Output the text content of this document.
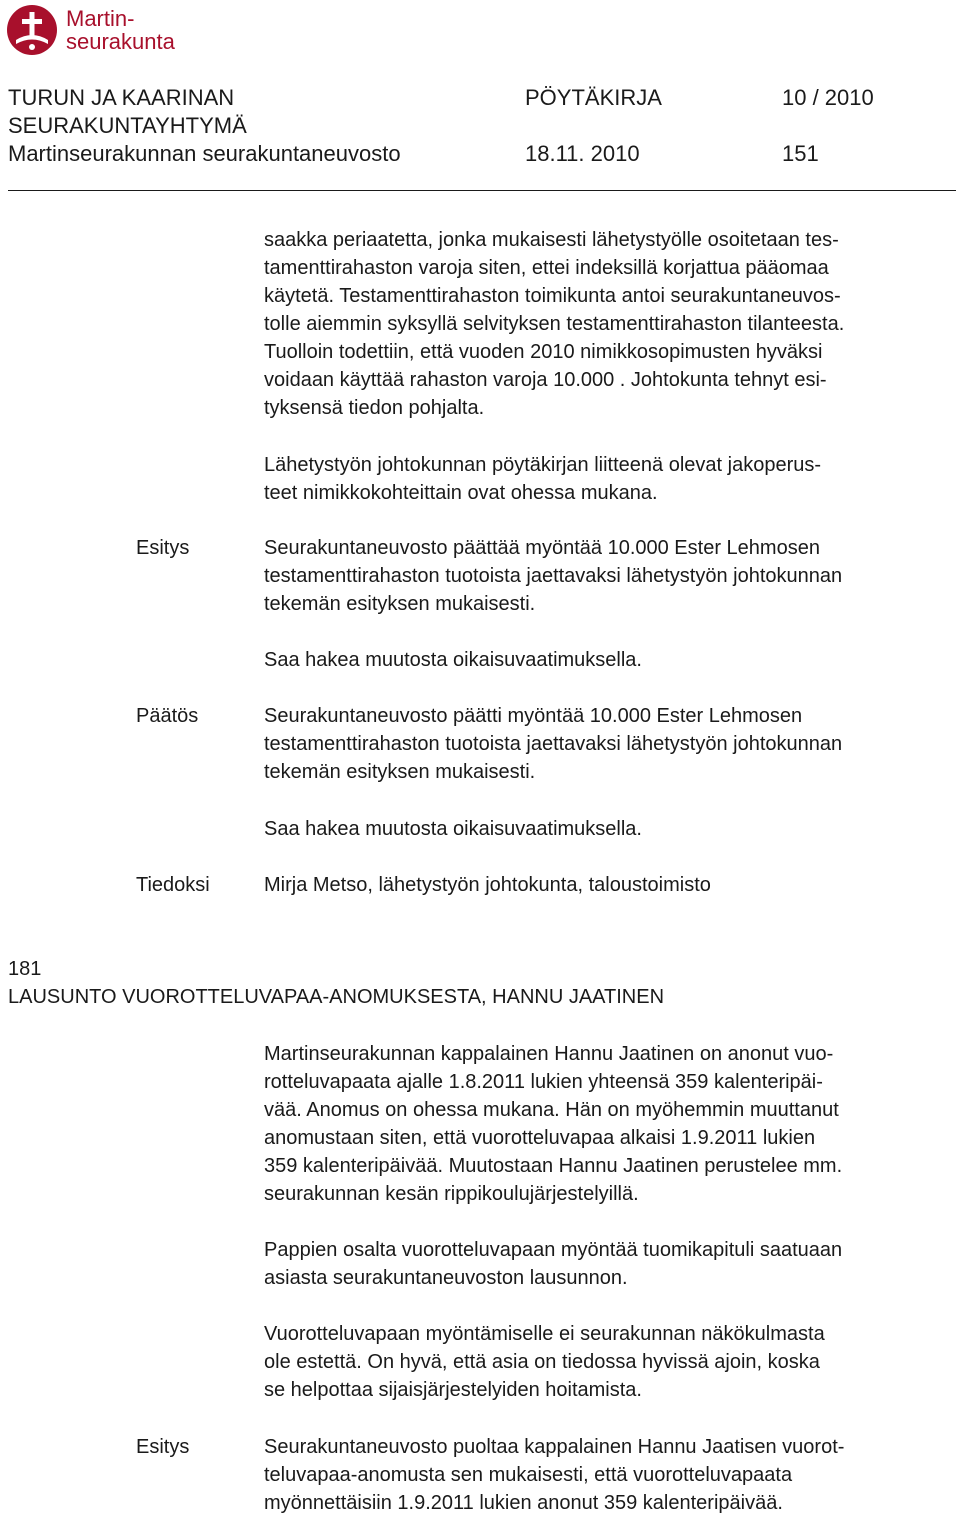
Martin-
seurakunta
TURUN JA KAARINAN
SEURAKUNTAYHTYMÄ
Martinseurakunnan seurakuntaneuvosto
PÖYTÄKIRJA	10 / 2010
18.11. 2010	151

saakka periaatetta, jonka mukaisesti lähetystyölle osoitetaan tes-
tamenttirahaston varoja siten, ettei indeksillä korjattua pääomaa
käytetä. Testamenttirahaston toimikunta antoi seurakuntaneuvos-
tolle aiemmin syksyllä selvityksen testamenttirahaston tilanteesta.
Tuolloin todettiin, että vuoden 2010 nimikkosopimusten hyväksi
voidaan käyttää rahaston varoja 10.000 . Johtokunta tehnyt esi-
tyksensä tiedon pohjalta.

Lähetystyön johtokunnan pöytäkirjan liitteenä olevat jakoperus-
teet nimikkokohteittain ovat ohessa mukana.

Esitys	Seurakuntaneuvosto päättää myöntää 10.000 Ester Lehmosen
testamenttirahaston tuotoista jaettavaksi lähetystyön johtokunnan
tekemän esityksen mukaisesti.

Saa hakea muutosta oikaisuvaatimuksella.

Päätös	Seurakuntaneuvosto päätti myöntää 10.000 Ester Lehmosen
testamenttirahaston tuotoista jaettavaksi lähetystyön johtokunnan
tekemän esityksen mukaisesti.

Saa hakea muutosta oikaisuvaatimuksella.

Tiedoksi	Mirja Metso, lähetystyön johtokunta, taloustoimisto

181
LAUSUNTO VUOROTTELUVAPAA-ANOMUKSESTA, HANNU JAATINEN

Martinseurakunnan kappalainen Hannu Jaatinen on anonut vuo-
rotteluvapaata ajalle 1.8.2011 lukien yhteensä 359 kalenteripäi-
vää. Anomus on ohessa mukana. Hän on myöhemmin muuttanut
anomustaan siten, että vuorotteluvapaa alkaisi 1.9.2011 lukien
359 kalenteripäivää. Muutostaan Hannu Jaatinen perustelee mm.
seurakunnan kesän rippikoulujärjestelyillä.

Pappien osalta vuorotteluvapaan myöntää tuomikapituli saatuaan
asiasta seurakuntaneuvoston lausunnon.

Vuorotteluvapaan myöntämiselle ei seurakunnan näkökulmasta
ole estettä. On hyvä, että asia on tiedossa hyvissä ajoin, koska
se helpottaa sijaisjärjestelyiden hoitamista.

Esitys	Seurakuntaneuvosto puoltaa kappalainen Hannu Jaatisen vuorot-
teluvapaa-anomusta sen mukaisesti, että vuorotteluvapaata
myönnettäisiin 1.9.2011 lukien anonut 359 kalenteripäivää.
